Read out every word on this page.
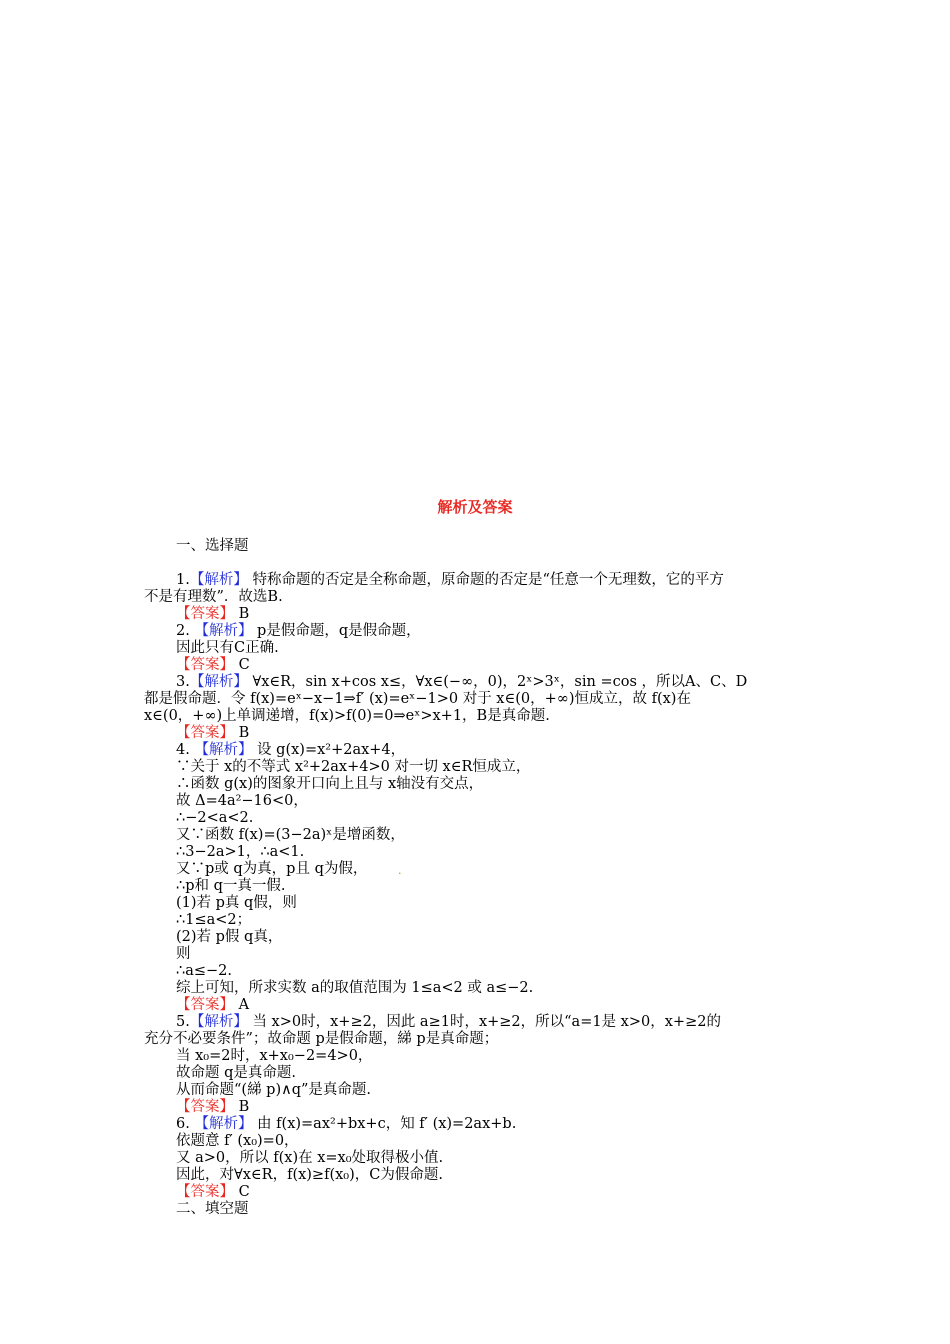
解析及答案
一、选择题
1.【解析】 特称命题的否定是全称命题，原命题的否定是“任意一个无理数，它的平方
不是有理数”．故选B.
【答案】 B
2. 【解析】 p是假命题，q是假命题，
因此只有C正确.
【答案】 C
3.【解析】 ∀x∈R，sin x+cos x≤，∀x∈(−∞，0)，2ˣ>3ˣ，sin =cos ，所以A、C、D
都是假命题．令 f(x)=eˣ−x−1⇒f′ (x)=eˣ−1>0 对于 x∈(0，+∞)恒成立，故 f(x)在
x∈(0，+∞)上单调递增，f(x)>f(0)=0⇒eˣ>x+1，B是真命题.
【答案】 B
4. 【解析】 设 g(x)=x²+2ax+4，
∵关于 x的不等式 x²+2ax+4>0 对一切 x∈R恒成立，
∴函数 g(x)的图象开口向上且与 x轴没有交点，
故 Δ=4a²−16<0，
∴−2<a<2.
又∵函数 f(x)=(3−2a)ˣ是增函数，
∴3−2a>1，∴a<1.
又∵p或 q为真，p且 q为假，	.
∴p和 q一真一假.
(1)若 p真 q假，则
∴1≤a<2；
(2)若 p假 q真，
则
∴a≤−2.
综上可知，所求实数 a的取值范围为 1≤a<2 或 a≤−2.
【答案】 A
5.【解析】 当 x>0时，x+≥2，因此 a≥1时，x+≥2，所以“a=1是 x>0，x+≥2的
充分不必要条件”；故命题 p是假命题，綈 p是真命题；
当 x₀=2时，x+x₀−2=4>0，
故命题 q是真命题.
从而命题“(綈 p)∧q”是真命题.
【答案】 B
6. 【解析】 由 f(x)=ax²+bx+c，知 f′ (x)=2ax+b.
依题意 f′ (x₀)=0，
又 a>0，所以 f(x)在 x=x₀处取得极小值.
因此，对∀x∈R，f(x)≥f(x₀)，C为假命题.
【答案】 C
二、填空题
